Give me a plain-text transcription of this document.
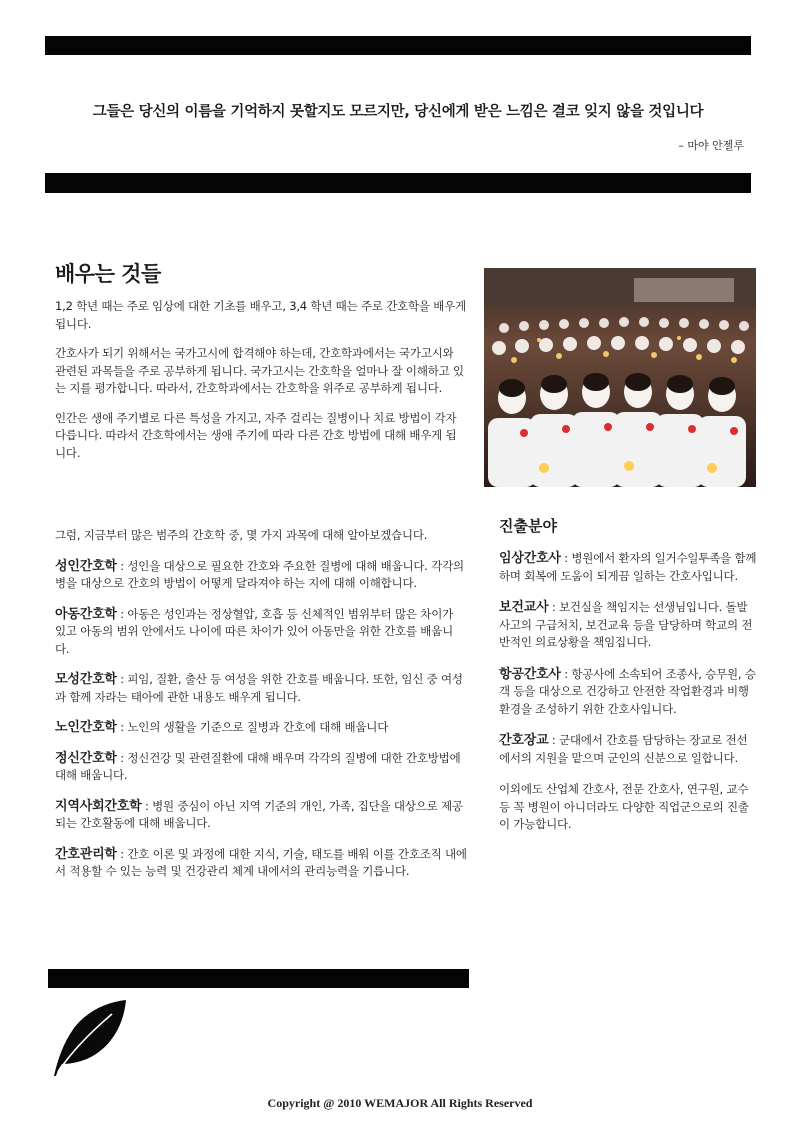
그들은 당신의 이름을 기억하지 못할지도 모르지만, 당신에게 받은 느낌은 결코 잊지 않을 것입니다
– 마야 안젤루
배우는 것들

1,2 학년 때는 주로 임상에 대한 기초를 배우고, 3,4 학년 때는 주로 간호학을 배우게 됩니다.

간호사가 되기 위해서는 국가고시에 합격해야 하는데, 간호학과에서는 국가고시와 관련된 과목들을 주로 공부하게 됩니다. 국가고시는 간호학을 얼마나 잘 이해하고 있는 지를 평가합니다. 따라서, 간호학과에서는 간호학을 위주로 공부하게 됩니다.

인간은 생애 주기별로 다른 특성을 가지고, 자주 걸리는 질병이나 치료 방법이 각자 다릅니다. 따라서 간호학에서는 생애 주기에 따라 다른 간호 방법에 대해 배우게 됩니다.

그럼, 지금부터 많은 범주의 간호학 중, 몇 가지 과목에 대해 알아보겠습니다.

성인간호학 : 성인을 대상으로 필요한 간호와 주요한 질병에 대해 배웁니다. 각각의 병을 대상으로 간호의 방법이 어떻게 달라져야 하는 지에 대해 이해합니다.

아동간호학 : 아동은 성인과는 정상혈압, 호흡 등 신체적인 범위부터 많은 차이가 있고 아동의 범위 안에서도 나이에 따른 차이가 있어 아동만을 위한 간호를 배웁니다.

모성간호학 : 피임, 질환, 출산 등 여성을 위한 간호를 배웁니다. 또한, 임신 중 여성과 함께 자라는 태아에 관한 내용도 배우게 됩니다.

노인간호학 : 노인의 생활을 기준으로 질병과 간호에 대해 배웁니다

정신간호학 : 정신건강 및 관련질환에 대해 배우며 각각의 질병에 대한 간호방법에 대해 배웁니다.

지역사회간호학 : 병원 중심이 아닌 지역 기준의 개인, 가족, 집단을 대상으로 제공되는 간호활동에 대해 배웁니다.

간호관리학 : 간호 이론 및 과정에 대한 지식, 기술, 태도를 배워 이를 간호조직 내에서 적용할 수 있는 능력 및 건강관리 체계 내에서의 관리능력을 기릅니다.

진출분야

임상간호사 : 병원에서 환자의 일거수일투족을 함께하며 회복에 도움이 되게끔 일하는 간호사입니다.

보건교사 : 보건실을 책임지는 선생님입니다. 돌발사고의 구급처치, 보건교육 등을 담당하며 학교의 전반적인 의료상황을 책임집니다.

항공간호사 : 항공사에 소속되어 조종사, 승무원, 승객 등을 대상으로 건강하고 안전한 작업환경과 비행환경을 조성하기 위한 간호사입니다.

간호장교 : 군대에서 간호를 담당하는 장교로 전선에서의 지원을 맡으며 군인의 신분으로 일합니다.

이외에도 산업체 간호사, 전문 간호사, 연구원, 교수 등 꼭 병원이 아니더라도 다양한 직업군으로의 진출이 가능합니다.

Copyright @ 2010 WEMAJOR All Rights Reserved
